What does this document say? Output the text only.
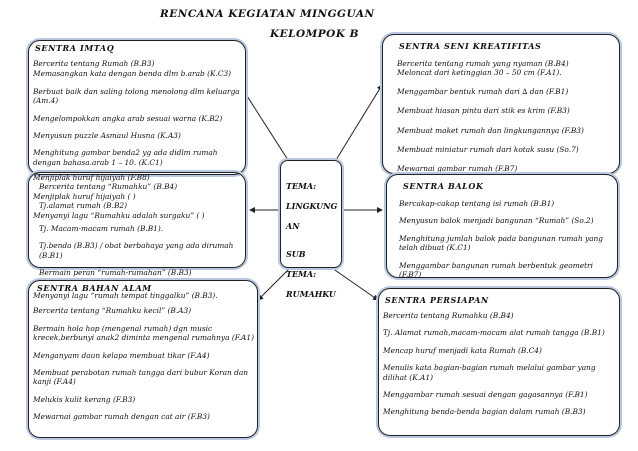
RENCANA KEGIATAN MINGGUAN
KELOMPOK B
SENTRA IMTAQ

Bercerita tentang Rumah (B.B3)

Memasangkan kata dengan benda dlm b.arab (K.C3)

Berbuat baik dan saling tolong menolong dlm keluarga (Am.4)

Mengelompokkan angka arab sesuai warna (K.B2)

Menyusun puzzle Asmaul Husna (K.A3)

Menghitung gambar benda2 yg ada didlm rumah dengan bahasa.arab 1 – 10. (K.C1)

Menjiplak huruf hijaiyah (F.B8)

Bercerita tentang “Rumahku” (B.B4)

Menjiplak huruf hijaiyah ( )

Tj.alamat rumah (B.B2)

Menyanyi lagu “Rumahku adalah surgaku” ( )

Tj. Macam-macam rumah (B.B1).

Tj.benda (B.B3) / obat berbahaya yang ada dirumah (B.B1)

Bermain peran “rumah-rumahan” (B.B3)

SENTRA BAHAN ALAM

Menyanyi lagu “rumah tempat tinggalku” (B.B3).

Bercerita tentang “Rumahku kecil” (B.A3)

Bermain hola hop (mengenal rumah) dgn music krecek,berbunyi anak2 diminta mengenal rumahnya (F.A1)

Menganyam daun kelapa membuat tikar (F.A4)

Membuat perabotan rumah tangga dari bubur Koran dan kanji (F.A4)

Melukis kulit kerang (F.B3)

Mewarnai gambar rumah dengan cat air (F.B3)

TEMA:

LINGKUNG

AN

SUB

TEMA:

RUMAHKU

SENTRA SENI KREATIFITAS

Bercerita tentang rumah yang nyaman (B.B4)

Meloncat dari ketinggian 30 – 50 cm (F.A1).

Menggambar bentuk rumah dari ∆ dan (F.B1)

Membuat hiasan pintu dari stik es krim (F.B3)

Membuat maket rumah dan lingkungannya (F.B3)

Membuat miniatur rumah dari kotak susu (So.7)

Mewarnai gambar rumah (F.B7)

SENTRA BALOK

Bercakap-cakap tentang isi rumah (B.B1)

Menyusun balok menjadi bangunan “Rumah” (So.2)

Menghitung jumlah balok pada bangunan rumah yang telah dibuat (K.C1)

Menggambar bangunan rumah berbentuk geometri (F.B7)

SENTRA PERSIAPAN

Bercerita tentang Rumahku (B.B4)

Tj. Alamat rumah,macam-macam alat rumah tangga (B.B1)

Mencap huruf menjadi kata Rumah (B.C4)

Menulis kata bagian-bagian rumah melalui gambar yang dilihat (K.A1)

Menggambar rumah sesuai dengan gagasannya (F.B1)

Menghitung benda-benda bagian dalam rumah (B.B3)
